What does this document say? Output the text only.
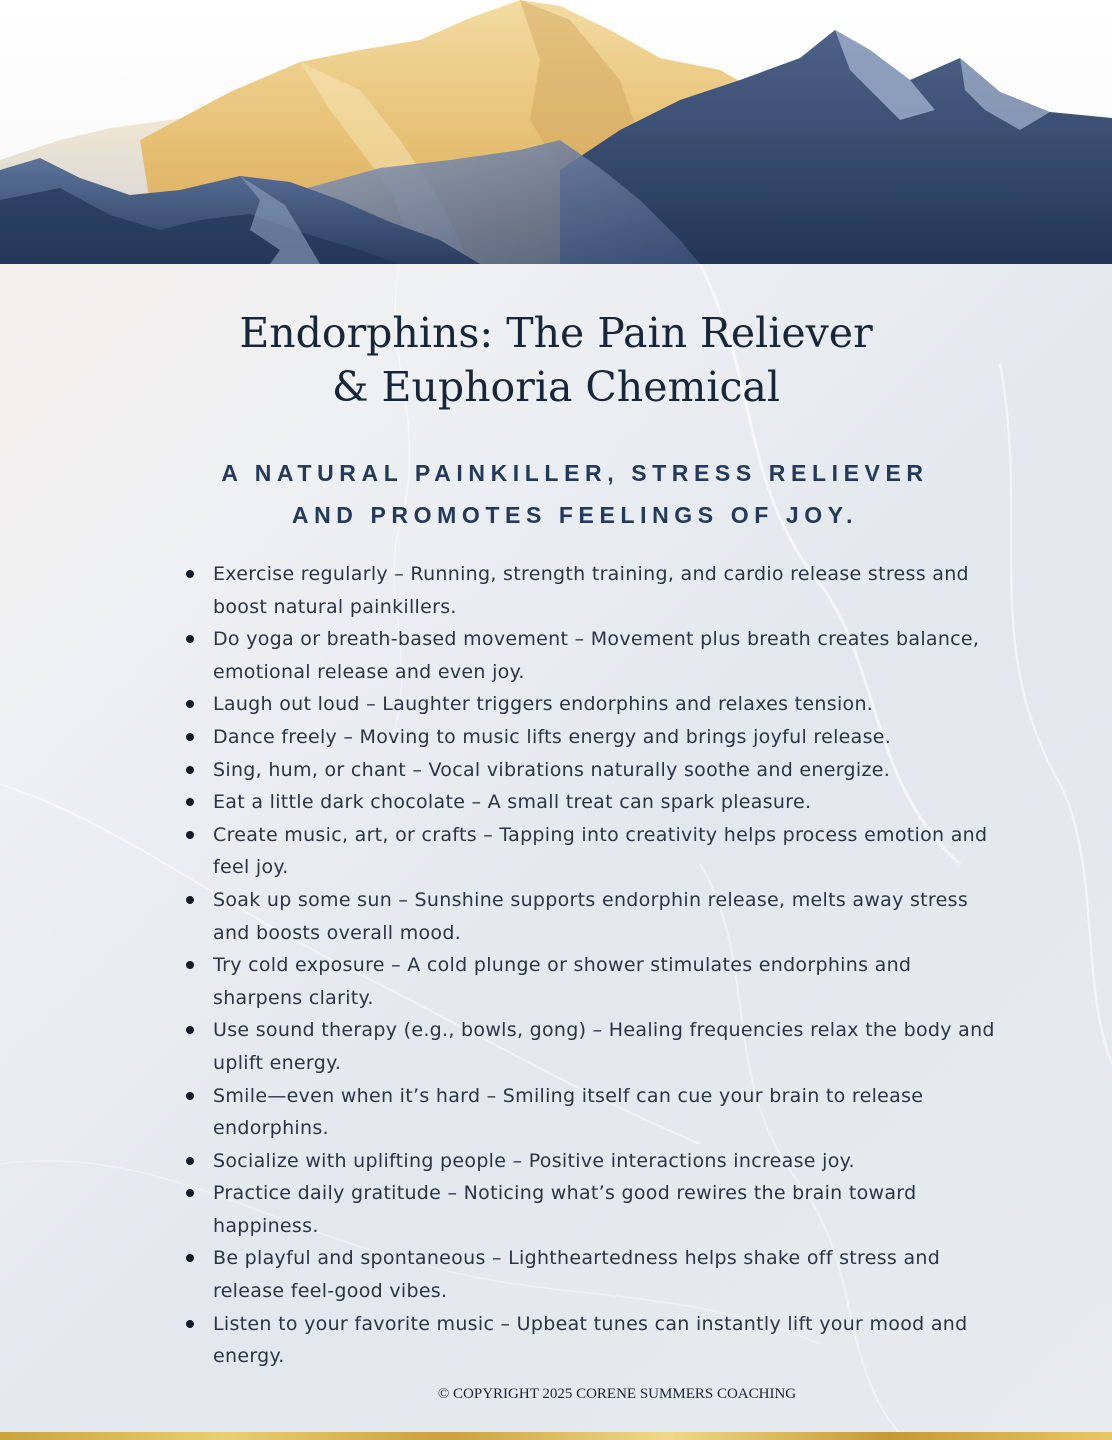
Endorphins: The Pain Reliever
& Euphoria Chemical
A NATURAL PAINKILLER, STRESS RELIEVER
AND PROMOTES FEELINGS OF JOY.
Exercise regularly – Running, strength training, and cardio release stress and boost natural painkillers.
Do yoga or breath-based movement – Movement plus breath creates balance, emotional release and even joy.
Laugh out loud – Laughter triggers endorphins and relaxes tension.
Dance freely – Moving to music lifts energy and brings joyful release.
Sing, hum, or chant – Vocal vibrations naturally soothe and energize.
Eat a little dark chocolate – A small treat can spark pleasure.
Create music, art, or crafts – Tapping into creativity helps process emotion and feel joy.
Soak up some sun – Sunshine supports endorphin release, melts away stress and boosts overall mood.
Try cold exposure – A cold plunge or shower stimulates endorphins and sharpens clarity.
Use sound therapy (e.g., bowls, gong) – Healing frequencies relax the body and uplift energy.
Smile—even when it’s hard – Smiling itself can cue your brain to release endorphins.
Socialize with uplifting people – Positive interactions increase joy.
Practice daily gratitude – Noticing what’s good rewires the brain toward happiness.
Be playful and spontaneous – Lightheartedness helps shake off stress and release feel-good vibes.
Listen to your favorite music – Upbeat tunes can instantly lift your mood and energy.

© COPYRIGHT 2025 CORENE SUMMERS COACHING
